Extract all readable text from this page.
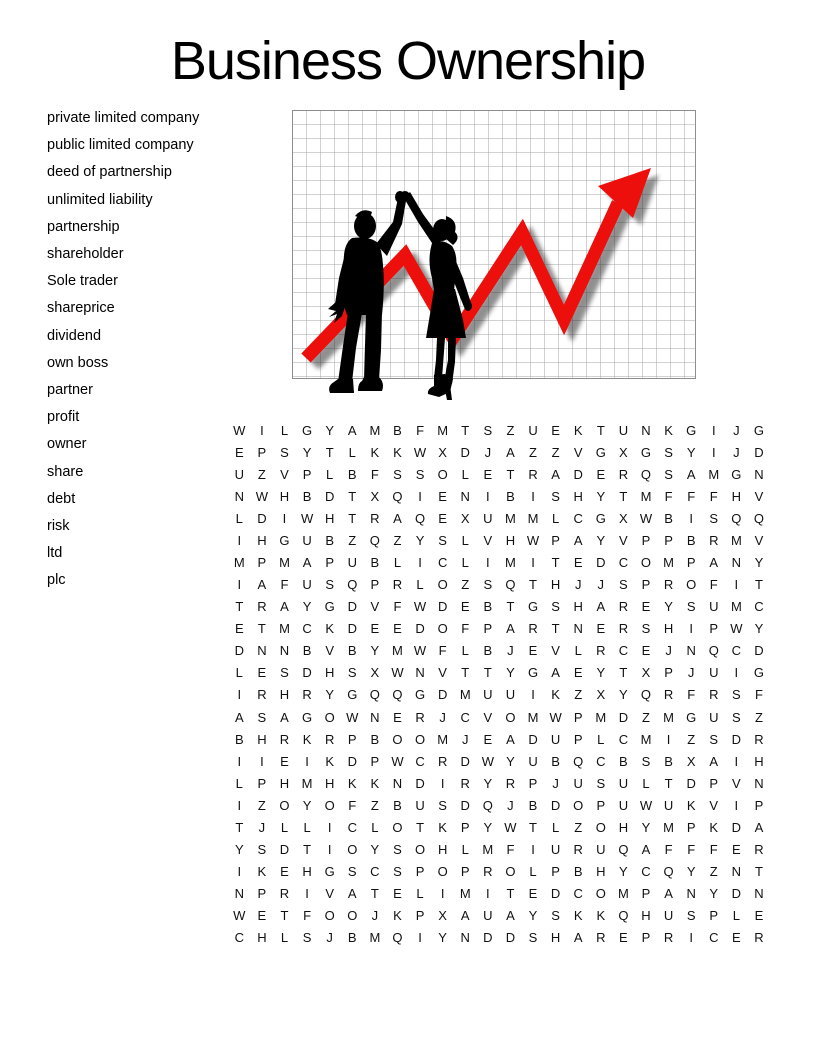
Business Ownership
private limited company
public limited company
deed of partnership
unlimited liability
partnership
shareholder
Sole trader
shareprice
dividend
own boss
partner
profit
owner
share
debt
risk
ltd
plc
W	I	L	G	Y	A M B	F	M	T	S	Z	U	E	K	T	U	N	K	G	I	J	G
E	P	S	Y	T	L	K	K W X	D	J	A	Z	Z	V	G	X	G	S	Y	I	J	D
U	Z	V	P	L	B	F	S	S	O	L	E	T	R	A	D	E	R Q	S	A M G N
N W H	B	D	T	X	Q	I	E	N	I	B	I	S	H	Y	T	M	F	F	F	H	V
L	D	I	W H	T	R	A	Q	E	X	U M M	L	C G	X W B	I	S	Q Q
I	H G U	B	Z	Q	Z	Y	S	L	V	H W P	A	Y	V	P	P	B	R M V
M P M A	P	U	B	L	I	C	L	I	M	I	T	E	D	C O M P	A	N	Y
I	A	F	U	S	Q	P	R	L	O	Z	S	Q	T	H	J	J	S	P	R O	F	I	T
T	R	A	Y	G D	V	F W D	E	B	T	G	S	H	A	R	E	Y	S	U M C
E	T	M C	K	D	E	E	D O	F	P	A	R	T	N	E	R	S	H	I	P W Y
D	N	N	B	V	B	Y M W F	L	B	J	E	V	L	R	C	E	J	N Q C	D
L	E	S	D	H	S	X W N	V	T	T	Y	G	A	E	Y	T	X	P	J	U	I	G
I	R	H	R	Y	G Q Q G D M U	U	I	K	Z	X	Y	Q R	F	R	S	F
A	S	A	G O W N	E	R	J	C	V	O M W P M D	Z	M G U	S	Z
B	H	R	K	R	P	B	O O M	J	E	A	D	U	P	L	C M	I	Z	S	D	R
I	I	E	I	K	D	P W C	R	D W Y	U	B	Q C	B	S	B	X	A	I	H
L	P	H M H	K	K	N	D	I	R	Y	R	P	J	U	S	U	L	T	D	P	V	N
I	Z	O	Y	O	F	Z	B	U	S	D Q	J	B	D O	P	U W U	K	V	I	P
T	J	L	L	I	C	L	O	T	K	P	Y W T	L	Z	O H	Y M P	K	D	A
Y	S	D	T	I	O	Y	S	O H	L	M	F	I	U	R	U Q	A	F	F	F	E	R
I	K	E	H G	S	C	S	P	O	P	R O	L	P	B	H	Y	C Q	Y	Z	N	T
N	P	R	I	V	A	T	E	L	I	M	I	T	E	D	C O M P	A	N	Y	D	N
W E	T	F	O O	J	K	P	X	A	U	A	Y	S	K	K	Q H	U	S	P	L	E
C	H	L	S	J	B M Q	I	Y	N	D	D	S	H	A	R	E	P	R	I	C	E	R
